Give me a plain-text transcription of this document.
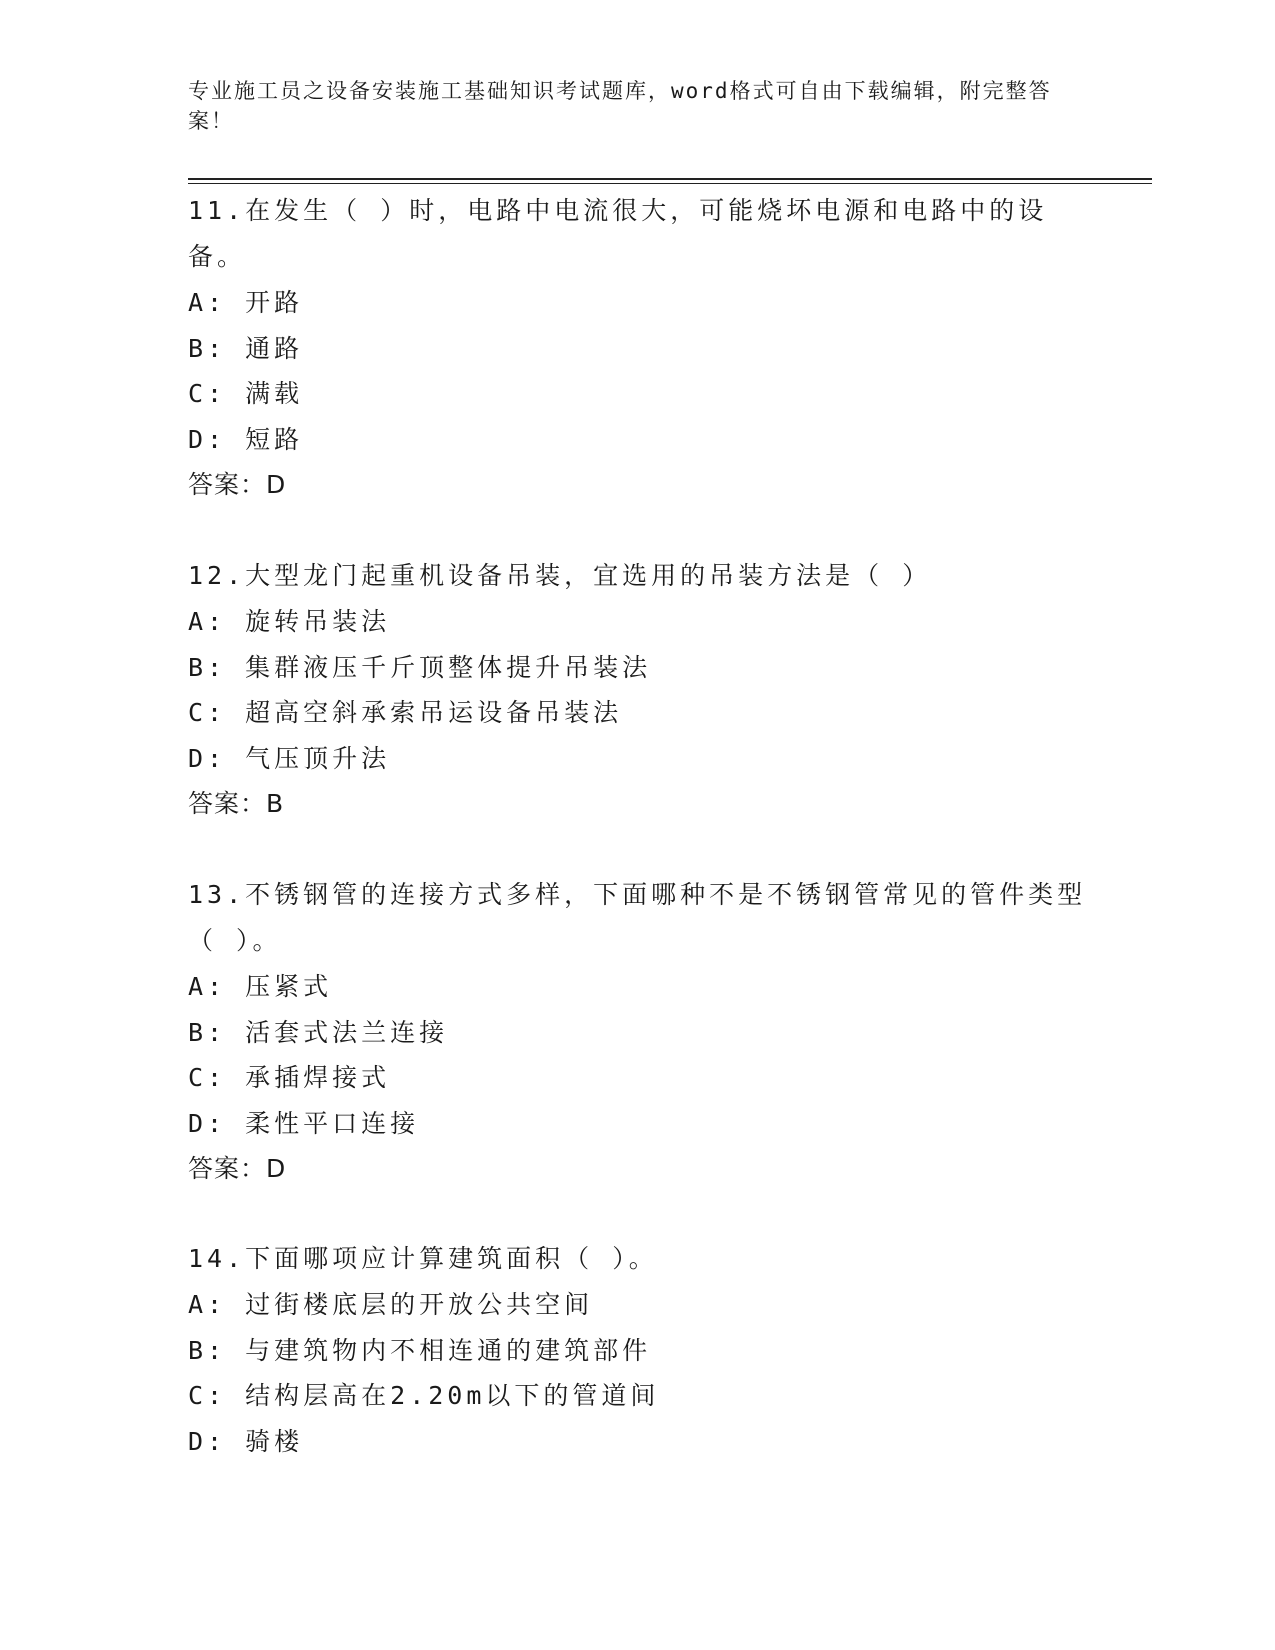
专业施工员之设备安装施工基础知识考试题库，word格式可自由下载编辑，附完整答案！

11.在发生（ ）时，电路中电流很大，可能烧坏电源和电路中的设备。

A: 开路

B: 通路

C: 满载

D: 短路

答案：D

12.大型龙门起重机设备吊装，宜选用的吊装方法是（ ）

A: 旋转吊装法

B: 集群液压千斤顶整体提升吊装法

C: 超高空斜承索吊运设备吊装法

D: 气压顶升法

答案：B

13.不锈钢管的连接方式多样，下面哪种不是不锈钢管常见的管件类型（ ）。

A: 压紧式

B: 活套式法兰连接

C: 承插焊接式

D: 柔性平口连接

答案：D

14.下面哪项应计算建筑面积（ ）。

A: 过街楼底层的开放公共空间

B: 与建筑物内不相连通的建筑部件

C: 结构层高在2.20m以下的管道间

D: 骑楼
